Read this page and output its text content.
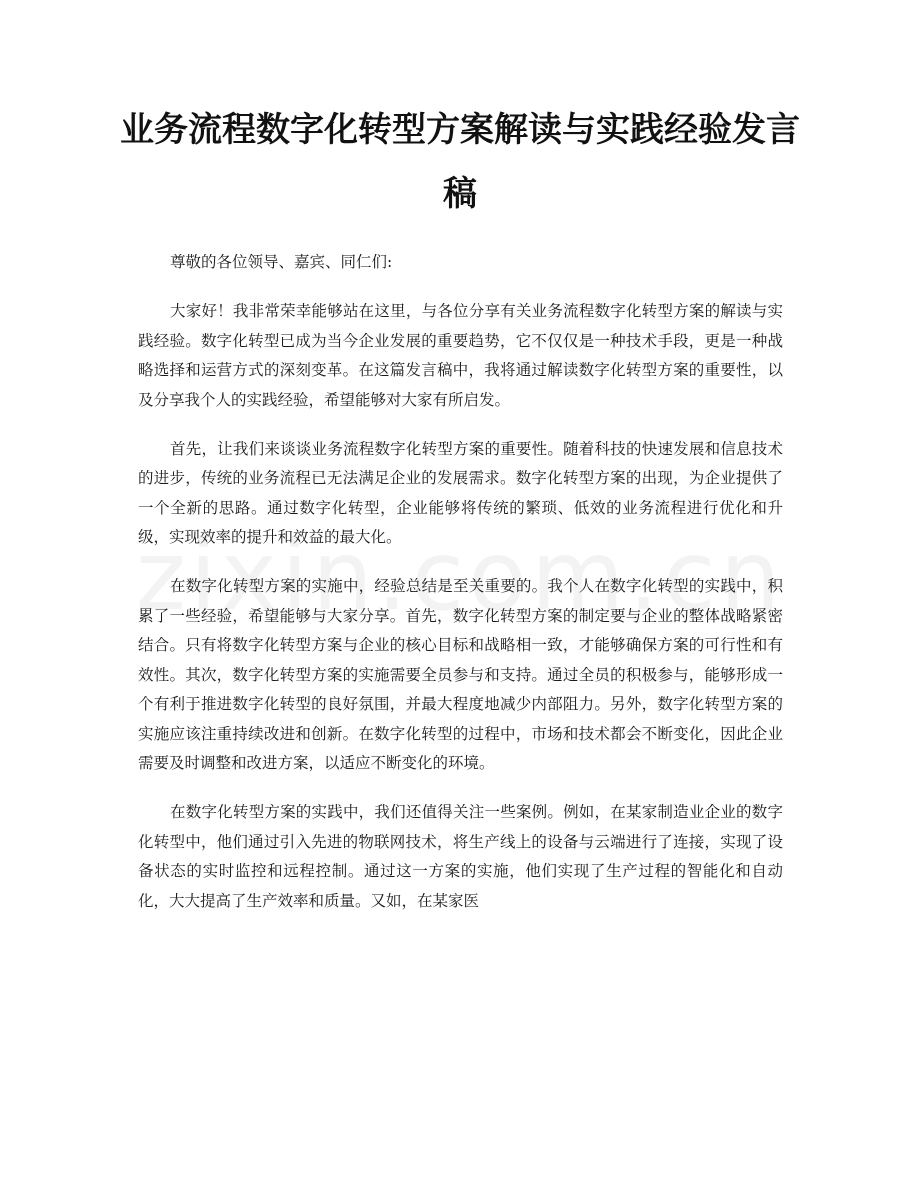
业务流程数字化转型方案解读与实践经验发言稿

尊敬的各位领导、嘉宾、同仁们:

大家好！我非常荣幸能够站在这里，与各位分享有关业务流程数字化转型方案的解读与实践经验。数字化转型已成为当今企业发展的重要趋势，它不仅仅是一种技术手段，更是一种战略选择和运营方式的深刻变革。在这篇发言稿中，我将通过解读数字化转型方案的重要性，以及分享我个人的实践经验，希望能够对大家有所启发。

首先，让我们来谈谈业务流程数字化转型方案的重要性。随着科技的快速发展和信息技术的进步，传统的业务流程已无法满足企业的发展需求。数字化转型方案的出现，为企业提供了一个全新的思路。通过数字化转型，企业能够将传统的繁琐、低效的业务流程进行优化和升级，实现效率的提升和效益的最大化。

在数字化转型方案的实施中，经验总结是至关重要的。我个人在数字化转型的实践中，积累了一些经验，希望能够与大家分享。首先，数字化转型方案的制定要与企业的整体战略紧密结合。只有将数字化转型方案与企业的核心目标和战略相一致，才能够确保方案的可行性和有效性。其次，数字化转型方案的实施需要全员参与和支持。通过全员的积极参与，能够形成一个有利于推进数字化转型的良好氛围，并最大程度地减少内部阻力。另外，数字化转型方案的实施应该注重持续改进和创新。在数字化转型的过程中，市场和技术都会不断变化，因此企业需要及时调整和改进方案，以适应不断变化的环境。

在数字化转型方案的实践中，我们还值得关注一些案例。例如，在某家制造业企业的数字化转型中，他们通过引入先进的物联网技术，将生产线上的设备与云端进行了连接，实现了设备状态的实时监控和远程控制。通过这一方案的实施，他们实现了生产过程的智能化和自动化，大大提高了生产效率和质量。又如，在某家医
